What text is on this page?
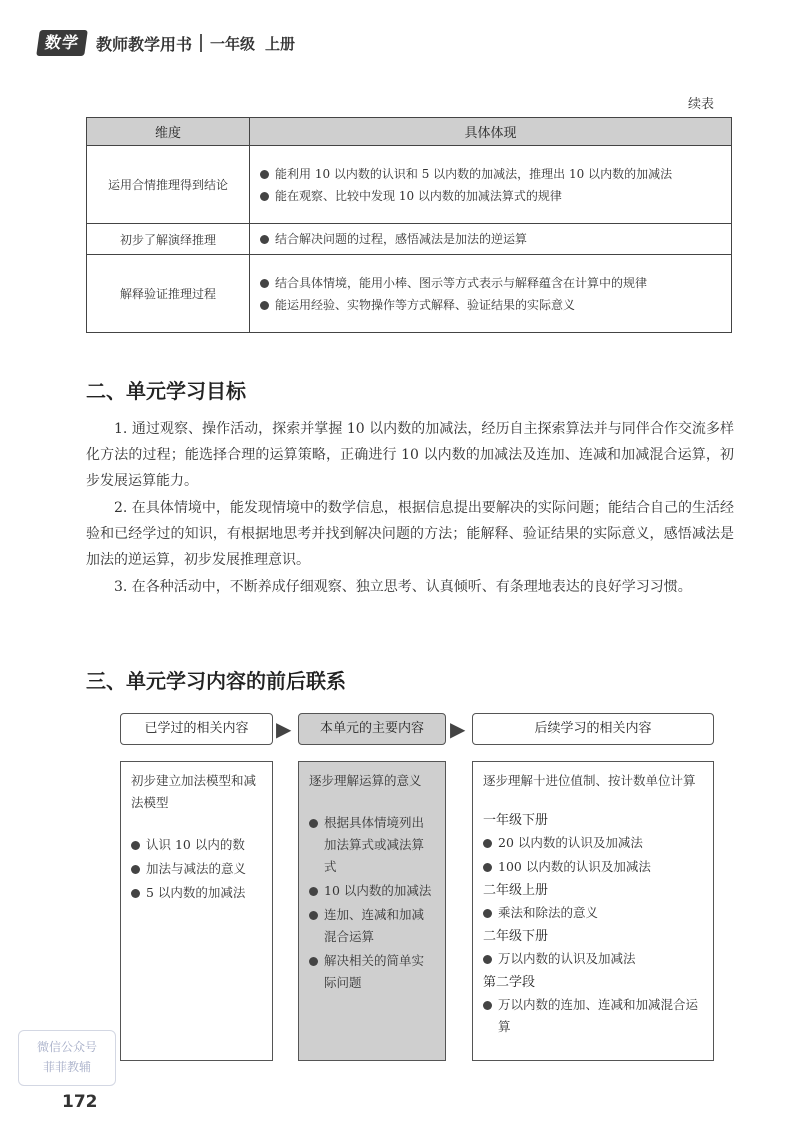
数学 教师教学用书 一年级 上册
续表
维度	具体体现
运用合情推理得到结论	能利用 10 以内数的认识和 5 以内数的加减法，推理出 10 以内数的加减法
能在观察、比较中发现 10 以内数的加减法算式的规律

初步了解演绎推理	结合解决问题的过程，感悟减法是加法的逆运算

解释验证推理过程	结合具体情境，能用小棒、图示等方式表示与解释蕴含在计算中的规律
能运用经验、实物操作等方式解释、验证结果的实际意义
二、单元学习目标
1. 通过观察、操作活动，探索并掌握 10 以内数的加减法，经历自主探索算法并与同伴合作交流多样化方法的过程；能选择合理的运算策略，正确进行 10 以内数的加减法及连加、连减和加减混合运算，初步发展运算能力。
2. 在具体情境中，能发现情境中的数学信息，根据信息提出要解决的实际问题；能结合自己的生活经验和已经学过的知识，有根据地思考并找到解决问题的方法；能解释、验证结果的实际意义，感悟减法是加法的逆运算，初步发展推理意识。
3. 在各种活动中，不断养成仔细观察、独立思考、认真倾听、有条理地表达的良好学习习惯。
三、单元学习内容的前后联系
已学过的相关内容	▶	本单元的主要内容	▶	后续学习的相关内容
初步建立加法模型和减法模型
认识 10 以内的数
加法与减法的意义
5 以内数的加减法
逐步理解运算的意义
根据具体情境列出加法算式或减法算式
10 以内数的加减法
连加、连减和加减混合运算
解决相关的简单实际问题
逐步理解十进位值制、按计数单位计算
一年级下册
20 以内数的认识及加减法
100 以内数的认识及加减法
二年级上册
乘法和除法的意义
二年级下册
万以内数的认识及加减法
第二学段
万以内数的连加、连减和加减混合运算
微信公众号
菲菲教辅
172
